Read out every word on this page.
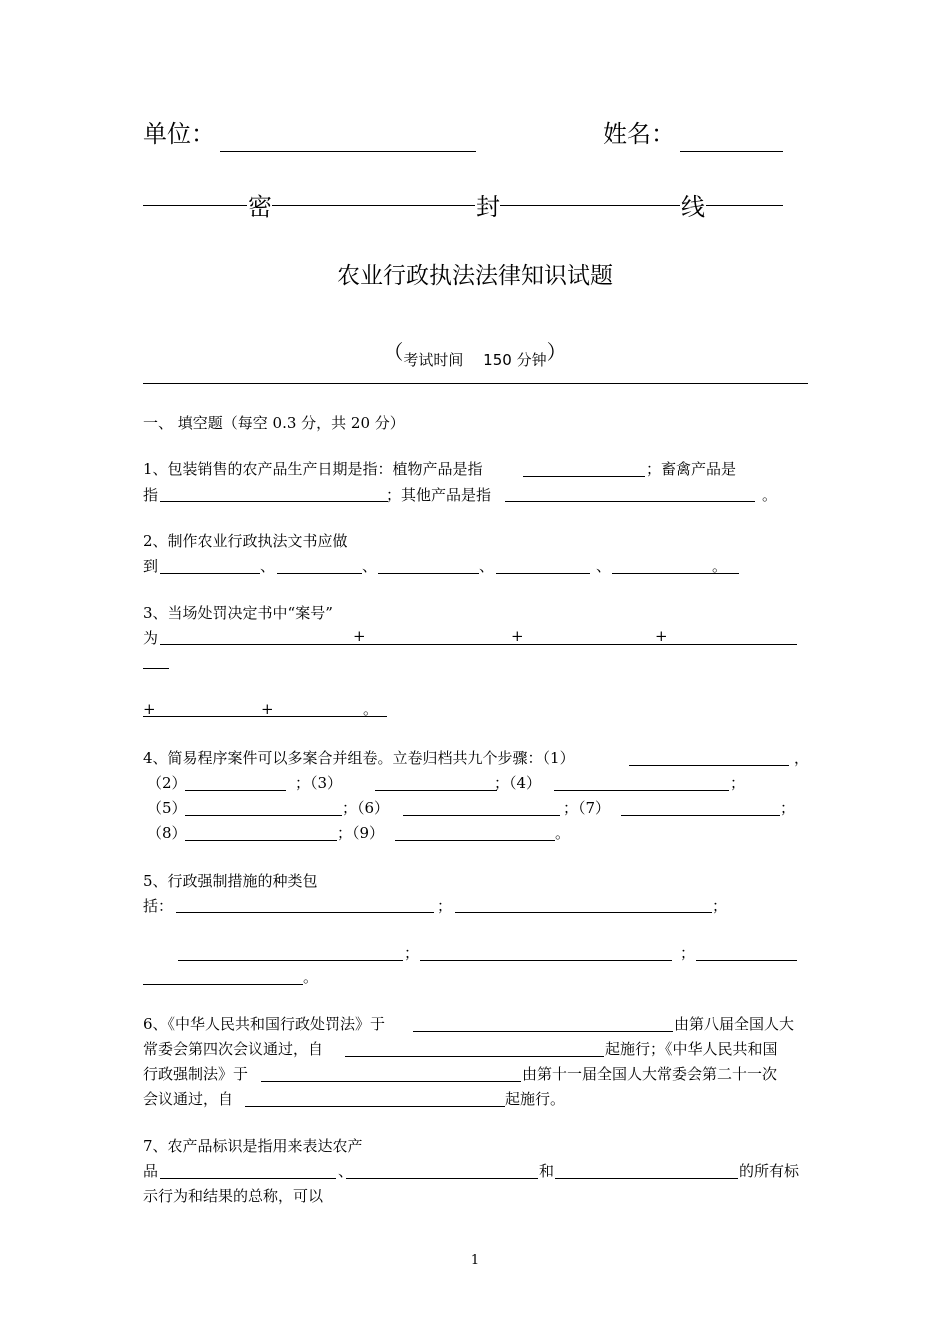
单位：	姓名：
密	封	线
农业行政执法法律知识试题
（考试时间　 150 分钟）
一、 填空题（每空 0.3 分，共 20 分）
1、包装销售的农产品生产日期是指：植物产品是指	；畜禽产品是
指	；其他产品是指	。
2、制作农业行政执法文书应做
到	、	、	、	、	。
3、当场处罚决定书中“案号”
为	+	+	+
+	+	。
4、简易程序案件可以多案合并组卷。立卷归档共九个步骤：（1）	，
（2）	；（3）	；（4）	；
（5）	；（6）	；（7）	；
（8）	；（9）	。
5、行政强制措施的种类包
括：	；	；
；	；
。
6、《中华人民共和国行政处罚法》于	由第八届全国人大
常委会第四次会议通过，自	起施行；《中华人民共和国
行政强制法》于	由第十一届全国人大常委会第二十一次
会议通过，自	起施行。
7、农产品标识是指用来表达农产
品	、	和	的所有标
示行为和结果的总称，可以
1
